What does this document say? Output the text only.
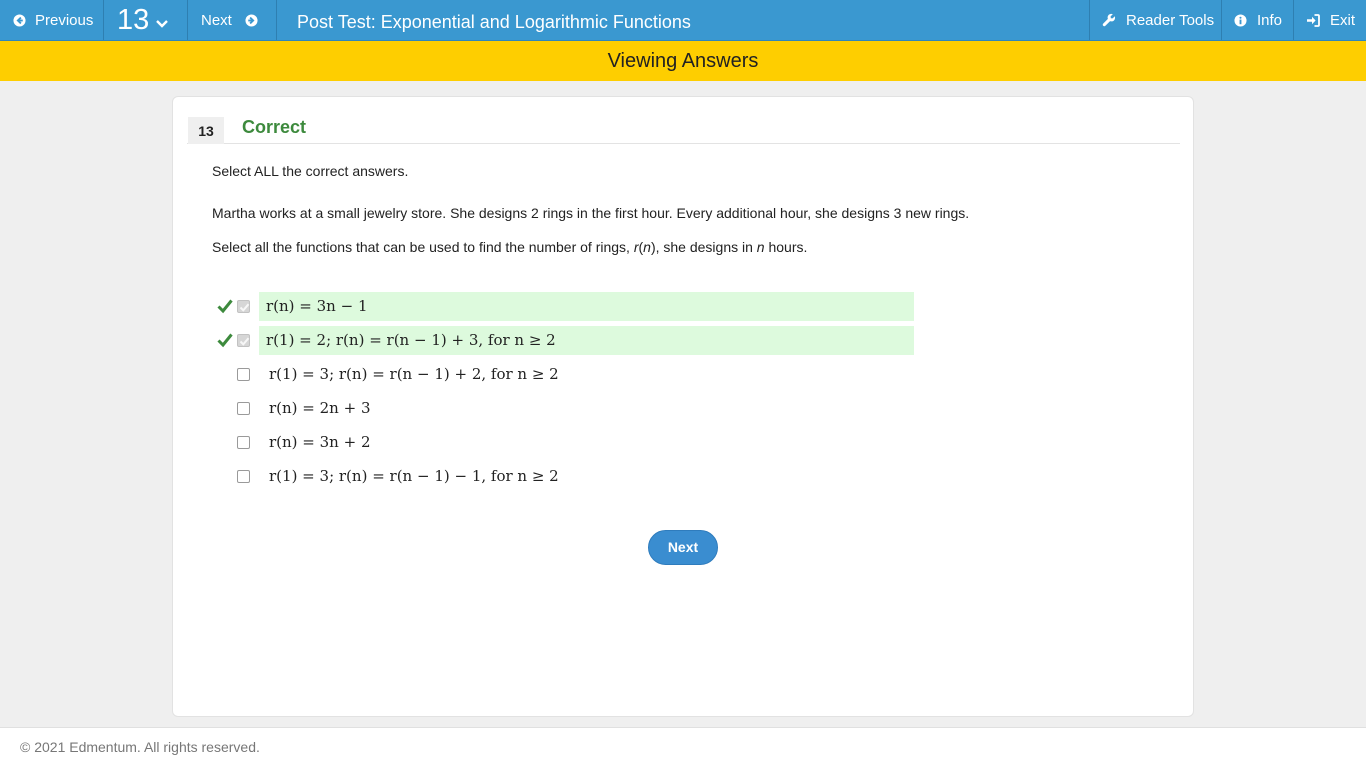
Previous 13	Next	Post Test: Exponential and Logarithmic Functions	Reader Tools	Info	Exit
Viewing Answers
13	Correct
Select ALL the correct answers.
Martha works at a small jewelry store. She designs 2 rings in the first hour. Every additional hour, she designs 3 new rings.
Select all the functions that can be used to find the number of rings, r(n), she designs in n hours.
r(n) = 3n − 1
r(1) = 2; r(n) = r(n − 1) + 3, for n ≥ 2
r(1) = 3; r(n) = r(n − 1) + 2, for n ≥ 2
r(n) = 2n + 3
r(n) = 3n + 2
r(1) = 3; r(n) = r(n − 1) − 1, for n ≥ 2
Next
© 2021 Edmentum. All rights reserved.
